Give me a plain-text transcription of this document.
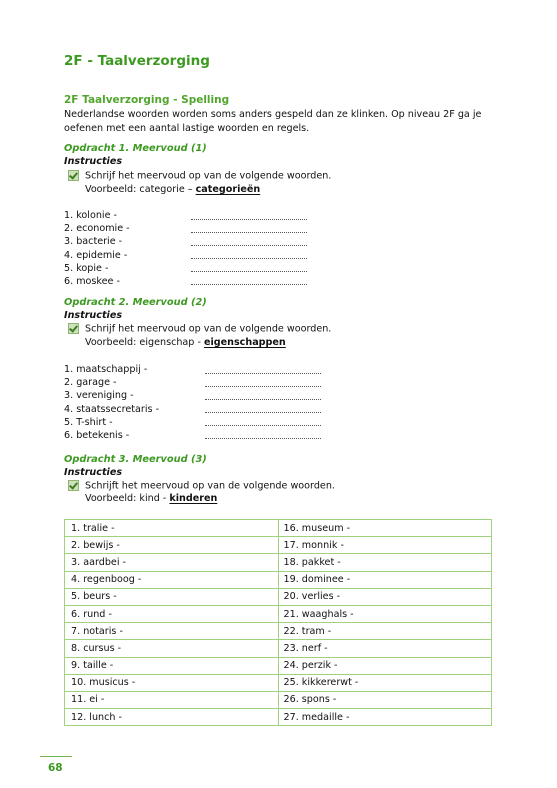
2F - Taalverzorging
2F Taalverzorging - Spelling
Nederlandse woorden worden soms anders gespeld dan ze klinken. Op niveau 2F ga je
oefenen met een aantal lastige woorden en regels.
Opdracht 1. Meervoud (1)
Instructies
Schrijf het meervoud op van de volgende woorden.
Voorbeeld: categorie – categorieën
1. kolonie -
2. economie -
3. bacterie -
4. epidemie -
5. kopie -
6. moskee -
Opdracht 2. Meervoud (2)
Instructies
Schrijf het meervoud op van de volgende woorden.
Voorbeeld: eigenschap - eigenschappen
1. maatschappij -
2. garage -
3. vereniging -
4. staatssecretaris -
5. T-shirt -
6. betekenis -
Opdracht 3. Meervoud (3)
Instructies
Schrijft het meervoud op van de volgende woorden.
Voorbeeld: kind - kinderen
1. tralie -	16. museum -
2. bewijs -	17. monnik -
3. aardbei -	18. pakket -
4. regenboog -	19. dominee -
5. beurs -	20. verlies -
6. rund -	21. waaghals -
7. notaris -	22. tram -
8. cursus -	23. nerf -
9. taille -	24. perzik -
10. musicus -	25. kikkererwt -
11. ei -	26. spons -
12. lunch -	27. medaille -
68
